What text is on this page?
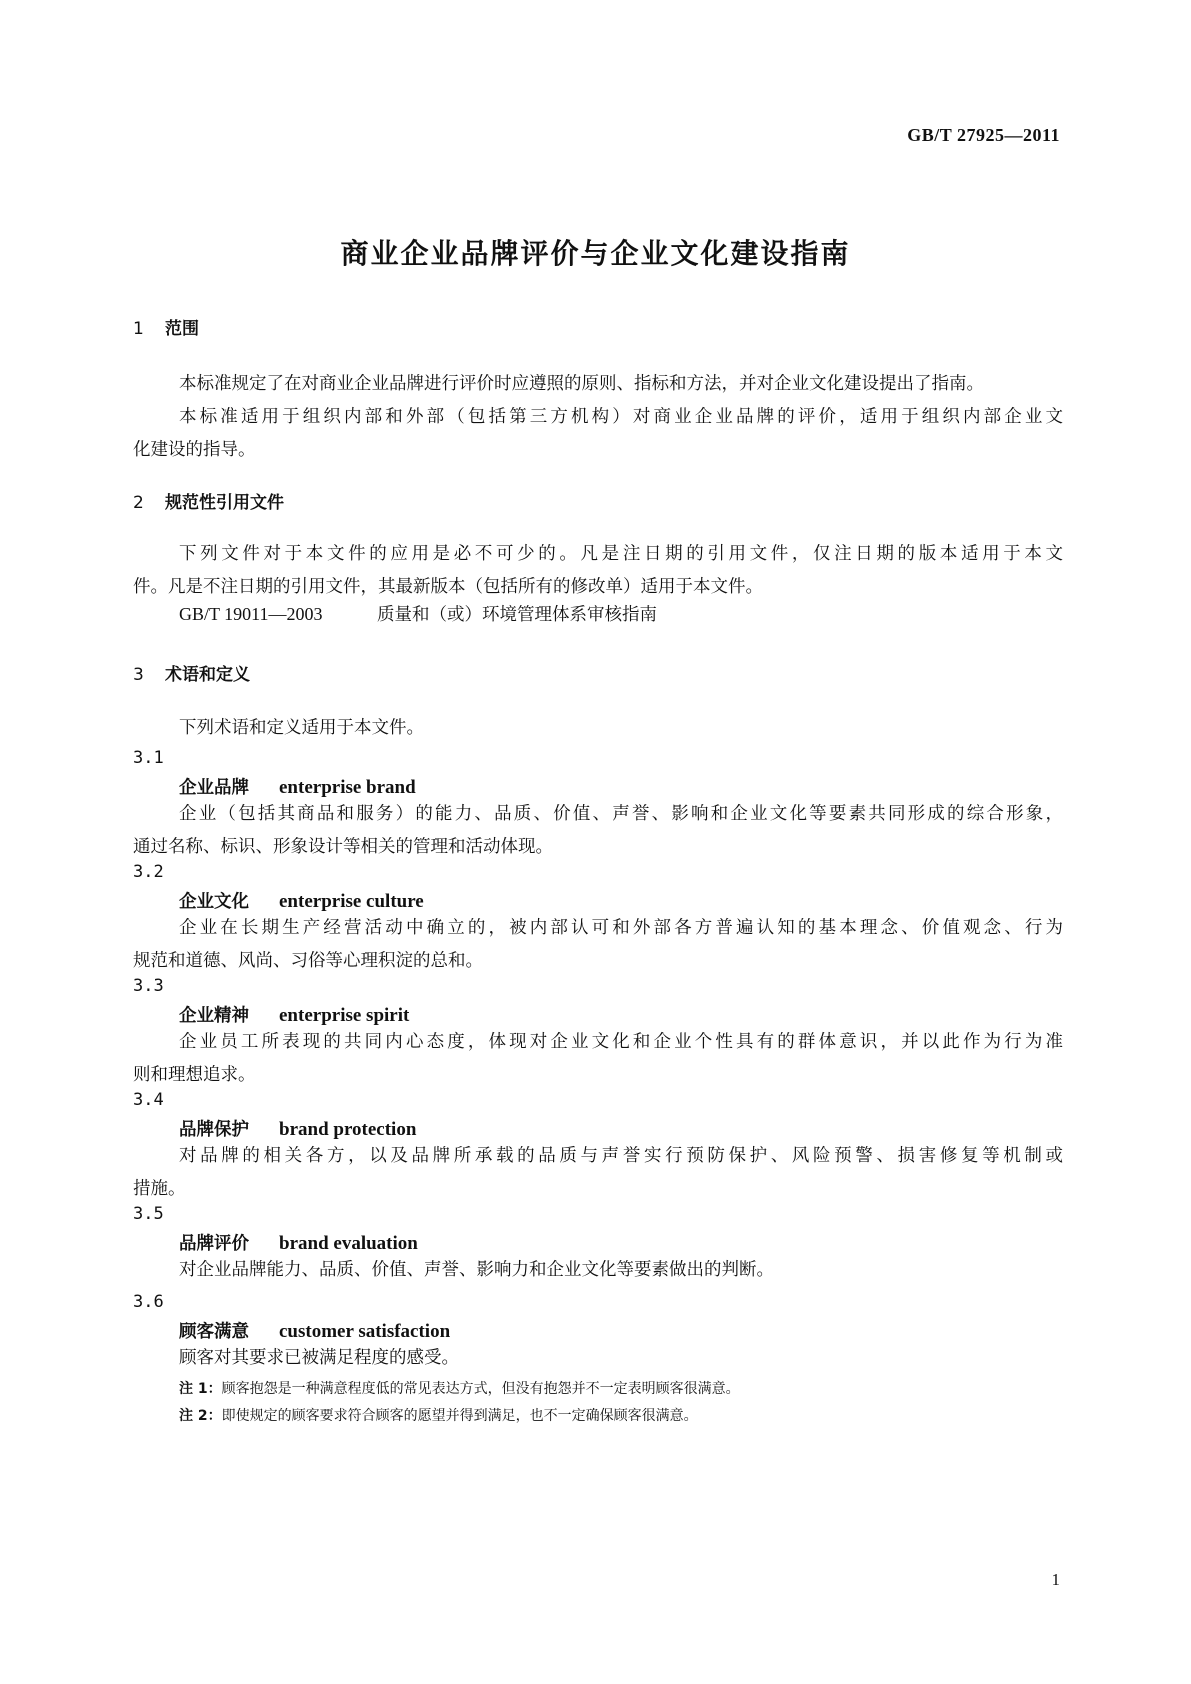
GB/T 27925—2011
商业企业品牌评价与企业文化建设指南
1 范围
本标准规定了在对商业企业品牌进行评价时应遵照的原则、指标和方法，并对企业文化建设提出了指南。
本标准适用于组织内部和外部（包括第三方机构）对商业企业品牌的评价，适用于组织内部企业文
化建设的指导。
2 规范性引用文件
下列文件对于本文件的应用是必不可少的。凡是注日期的引用文件，仅注日期的版本适用于本文
件。凡是不注日期的引用文件，其最新版本（包括所有的修改单）适用于本文件。
GB/T 19011—2003	质量和（或）环境管理体系审核指南
3 术语和定义
下列术语和定义适用于本文件。
3.1
企业品牌 enterprise brand
企业（包括其商品和服务）的能力、品质、价值、声誉、影响和企业文化等要素共同形成的综合形象，
通过名称、标识、形象设计等相关的管理和活动体现。
3.2
企业文化 enterprise culture
企业在长期生产经营活动中确立的，被内部认可和外部各方普遍认知的基本理念、价值观念、行为
规范和道德、风尚、习俗等心理积淀的总和。
3.3
企业精神 enterprise spirit
企业员工所表现的共同内心态度，体现对企业文化和企业个性具有的群体意识，并以此作为行为准
则和理想追求。
3.4
品牌保护 brand protection
对品牌的相关各方，以及品牌所承载的品质与声誉实行预防保护、风险预警、损害修复等机制或
措施。
3.5
品牌评价 brand evaluation
对企业品牌能力、品质、价值、声誉、影响力和企业文化等要素做出的判断。
3.6
顾客满意 customer satisfaction
顾客对其要求已被满足程度的感受。
注 1：顾客抱怨是一种满意程度低的常见表达方式，但没有抱怨并不一定表明顾客很满意。
注 2：即使规定的顾客要求符合顾客的愿望并得到满足，也不一定确保顾客很满意。
1
